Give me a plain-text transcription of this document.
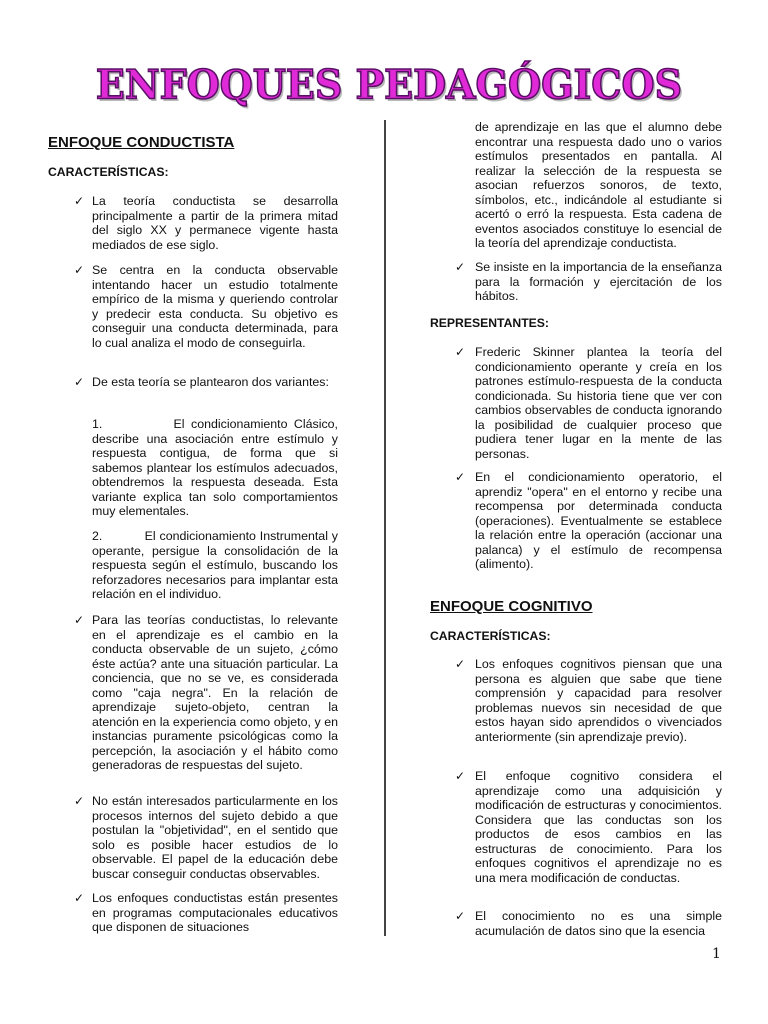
ENFOQUES PEDAGÓGICOS
ENFOQUE CONDUCTISTA
CARACTERÍSTICAS:
✓ La teoría conductista se desarrolla principalmente a partir de la primera mitad del siglo XX y permanece vigente hasta mediados de ese siglo.
✓ Se centra en la conducta observable intentando hacer un estudio totalmente empírico de la misma y queriendo controlar y predecir esta conducta. Su objetivo es conseguir una conducta determinada, para lo cual analiza el modo de conseguirla.
✓ De esta teoría se plantearon dos variantes:
1.           El condicionamiento Clásico, describe una asociación entre estímulo y respuesta contigua, de forma que si sabemos plantear los estímulos adecuados, obtendremos la respuesta deseada. Esta variante explica tan solo comportamientos muy elementales.
2.           El condicionamiento Instrumental y operante, persigue la consolidación de la respuesta según el estímulo, buscando los reforzadores necesarios para implantar esta relación en el individuo.
✓ Para las teorías conductistas, lo relevante en el aprendizaje es el cambio en la conducta observable de un sujeto, ¿cómo éste actúa? ante una situación particular. La conciencia, que no se ve, es considerada como "caja negra". En la relación de aprendizaje sujeto-objeto, centran la atención en la experiencia como objeto, y en instancias puramente psicológicas como la percepción, la asociación y el hábito como generadoras de respuestas del sujeto.
✓ No están interesados particularmente en los procesos internos del sujeto debido a que postulan la "objetividad", en el sentido que solo es posible hacer estudios de lo observable. El papel de la educación debe buscar conseguir conductas observables.
✓ Los enfoques conductistas están presentes en programas computacionales educativos que disponen de situaciones
de aprendizaje en las que el alumno debe encontrar una respuesta dado uno o varios estímulos presentados en pantalla. Al realizar la selección de la respuesta se asocian refuerzos sonoros, de texto, símbolos, etc., indicándole al estudiante si acertó o erró la respuesta. Esta cadena de eventos asociados constituye lo esencial de la teoría del aprendizaje conductista.
✓ Se insiste en la importancia de la enseñanza para la formación y ejercitación de los hábitos.
REPRESENTANTES:
✓ Frederic Skinner plantea la teoría del condicionamiento operante y creía en los patrones estímulo-respuesta de la conducta condicionada. Su historia tiene que ver con cambios observables de conducta ignorando la posibilidad de cualquier proceso que pudiera tener lugar en la mente de las personas.
✓ En el condicionamiento operatorio, el aprendiz "opera" en el entorno y recibe una recompensa por determinada conducta (operaciones). Eventualmente se establece la relación entre la operación (accionar una palanca) y el estímulo de recompensa (alimento).
ENFOQUE COGNITIVO
CARACTERÍSTICAS:
✓ Los enfoques cognitivos piensan que una persona es alguien que sabe que tiene comprensión y capacidad para resolver problemas nuevos sin necesidad de que estos hayan sido aprendidos o vivenciados anteriormente (sin aprendizaje previo).
✓ El enfoque cognitivo considera el aprendizaje como una adquisición y modificación de estructuras y conocimientos. Considera que las conductas son los productos de esos cambios en las estructuras de conocimiento. Para los enfoques cognitivos el aprendizaje no es una mera modificación de conductas.
✓ El conocimiento no es una simple acumulación de datos sino que la esencia
1
